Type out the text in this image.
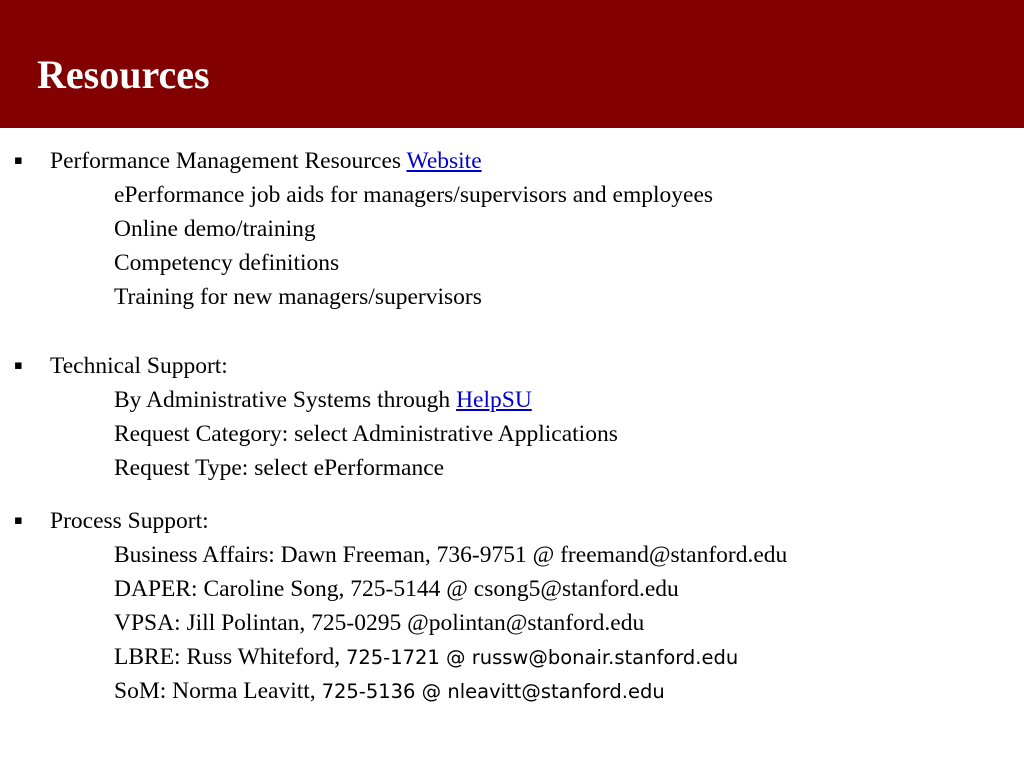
Resources
▪ Performance Management Resources Website
ePerformance job aids for managers/supervisors and employees
Online demo/training
Competency definitions
Training for new managers/supervisors
▪ Technical Support:
By Administrative Systems through HelpSU
Request Category: select Administrative Applications
Request Type: select ePerformance
▪ Process Support:
Business Affairs: Dawn Freeman, 736-9751 @ freemand@stanford.edu
DAPER: Caroline Song, 725-5144 @ csong5@stanford.edu
VPSA: Jill Polintan, 725-0295 @polintan@stanford.edu
LBRE: Russ Whiteford, 725-1721 @ russw@bonair.stanford.edu
SoM: Norma Leavitt, 725-5136 @ nleavitt@stanford.edu
